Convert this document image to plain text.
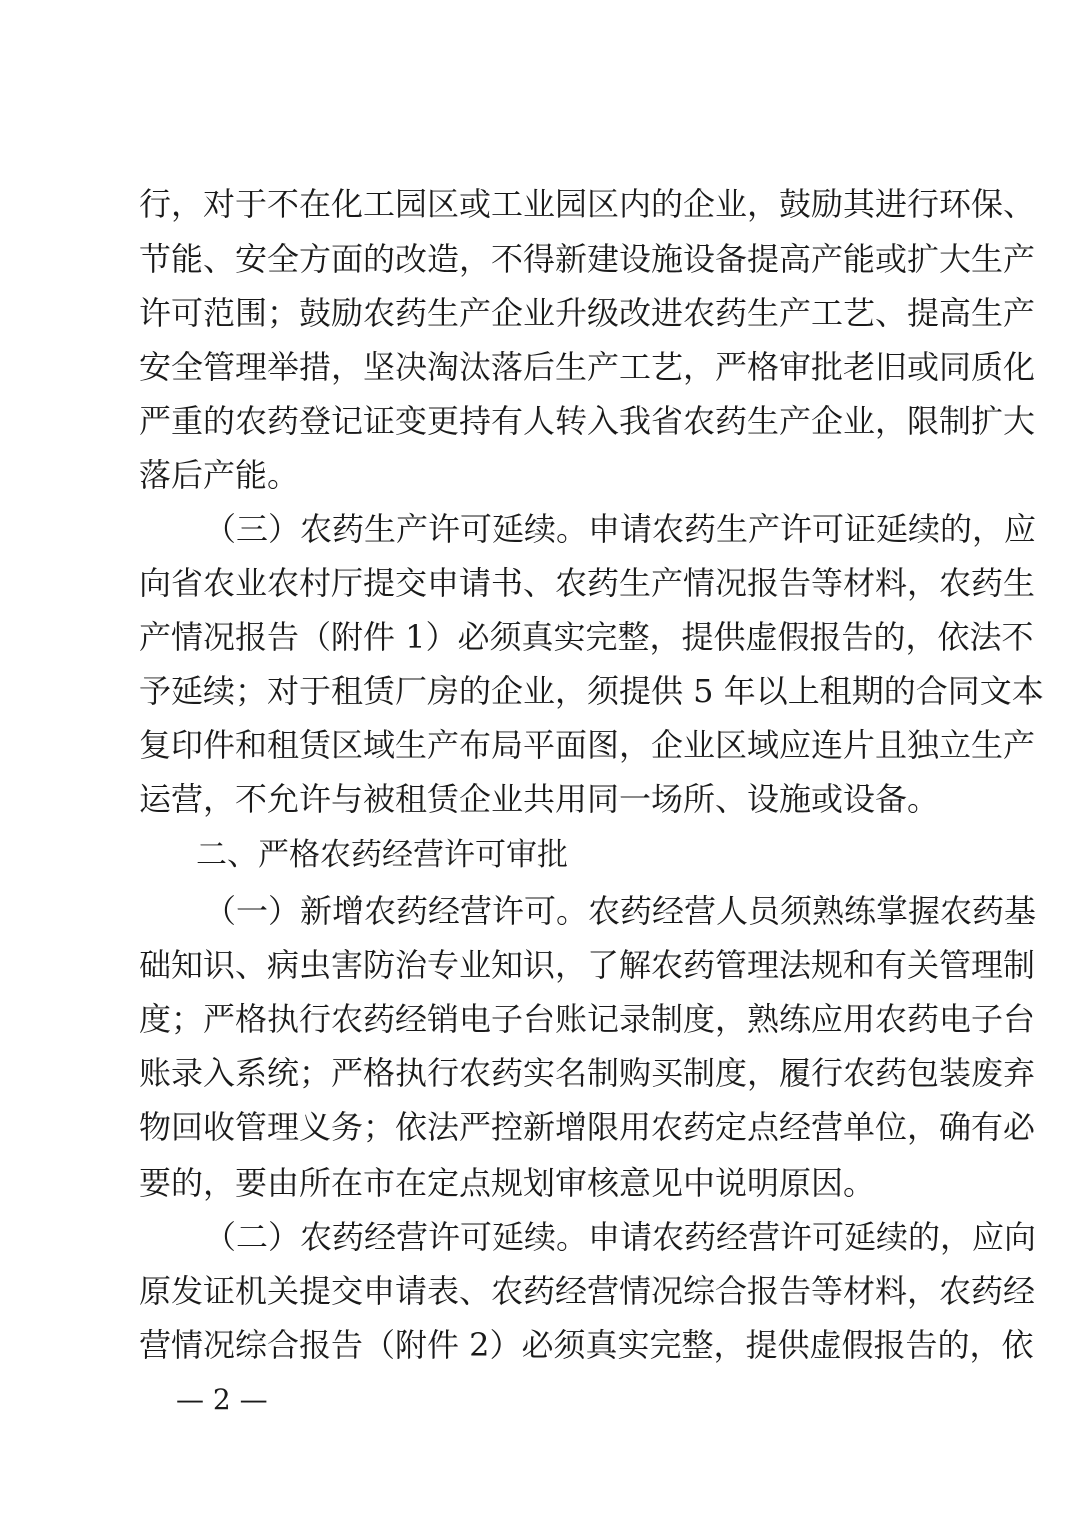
行，对于不在化工园区或工业园区内的企业，鼓励其进行环保、
节能、安全方面的改造，不得新建设施设备提高产能或扩大生产
许可范围；鼓励农药生产企业升级改进农药生产工艺、提高生产
安全管理举措，坚决淘汰落后生产工艺，严格审批老旧或同质化
严重的农药登记证变更持有人转入我省农药生产企业，限制扩大
落后产能。
（三）农药生产许可延续。申请农药生产许可证延续的，应
向省农业农村厅提交申请书、农药生产情况报告等材料，农药生
产情况报告（附件 1）必须真实完整，提供虚假报告的，依法不
予延续；对于租赁厂房的企业，须提供 5 年以上租期的合同文本
复印件和租赁区域生产布局平面图，企业区域应连片且独立生产
运营，不允许与被租赁企业共用同一场所、设施或设备。
二、严格农药经营许可审批
（一）新增农药经营许可。农药经营人员须熟练掌握农药基
础知识、病虫害防治专业知识，了解农药管理法规和有关管理制
度；严格执行农药经销电子台账记录制度，熟练应用农药电子台
账录入系统；严格执行农药实名制购买制度，履行农药包装废弃
物回收管理义务；依法严控新增限用农药定点经营单位，确有必
要的，要由所在市在定点规划审核意见中说明原因。
（二）农药经营许可延续。申请农药经营许可延续的，应向
原发证机关提交申请表、农药经营情况综合报告等材料，农药经
营情况综合报告（附件 2）必须真实完整，提供虚假报告的，依
— 2 —
